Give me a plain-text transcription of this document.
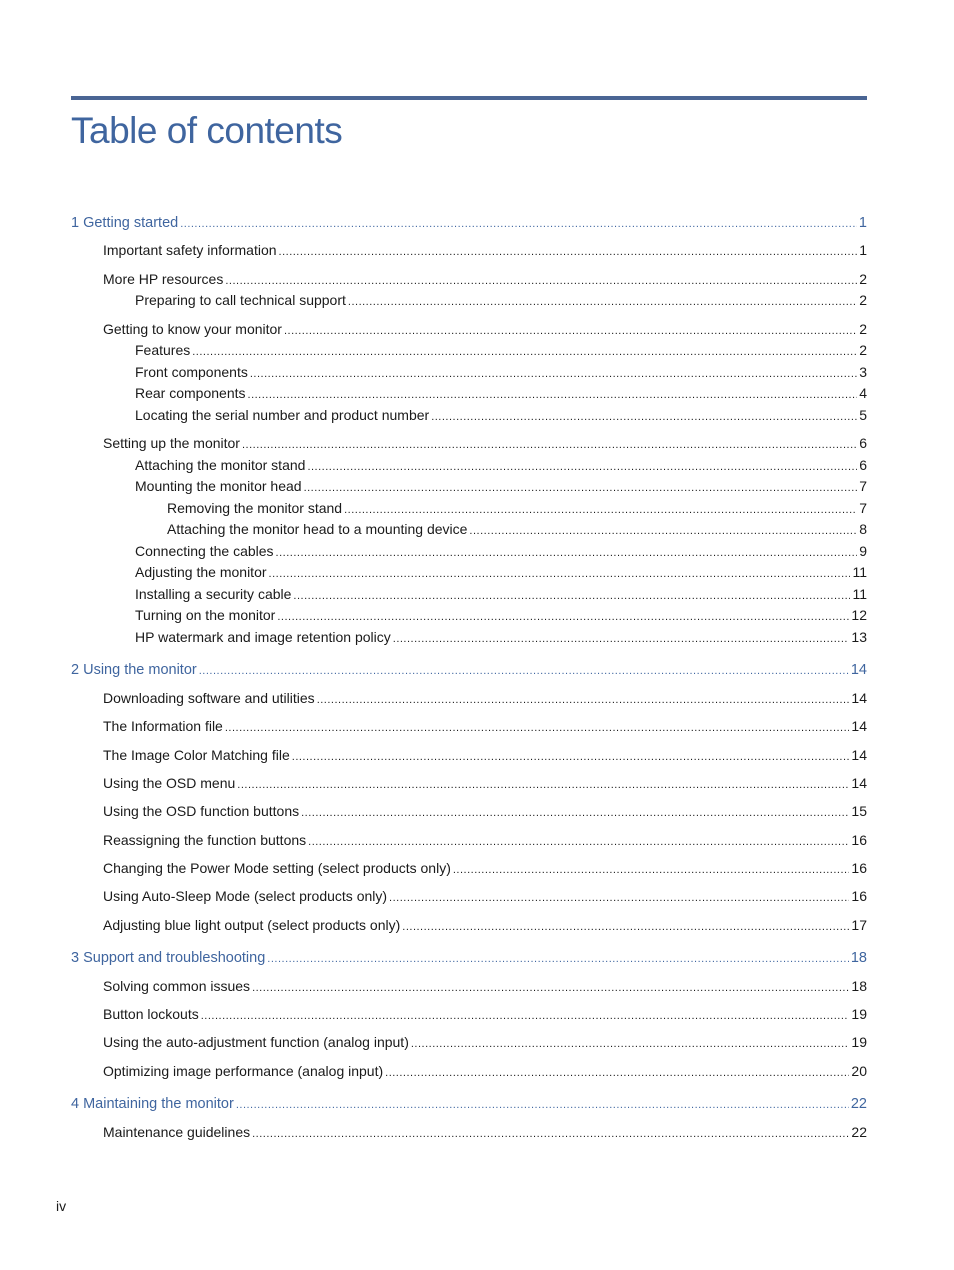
Table of contents
1 Getting started .....	1
Important safety information .....	1
More HP resources .....	2
Preparing to call technical support .....	2
Getting to know your monitor .....	2
Features .....	2
Front components .....	3
Rear components .....	4
Locating the serial number and product number .....	5
Setting up the monitor .....	6
Attaching the monitor stand .....	6
Mounting the monitor head .....	7
Removing the monitor stand .....	7
Attaching the monitor head to a mounting device .....	8
Connecting the cables .....	9
Adjusting the monitor .....	11
Installing a security cable .....	11
Turning on the monitor .....	12
HP watermark and image retention policy .....	13
2 Using the monitor .....	14
Downloading software and utilities .....	14
The Information file .....	14
The Image Color Matching file .....	14
Using the OSD menu .....	14
Using the OSD function buttons .....	15
Reassigning the function buttons .....	16
Changing the Power Mode setting (select products only) .....	16
Using Auto-Sleep Mode (select products only) .....	16
Adjusting blue light output (select products only) .....	17
3 Support and troubleshooting .....	18
Solving common issues .....	18
Button lockouts .....	19
Using the auto-adjustment function (analog input) .....	19
Optimizing image performance (analog input) .....	20
4 Maintaining the monitor .....	22
Maintenance guidelines .....	22
iv
